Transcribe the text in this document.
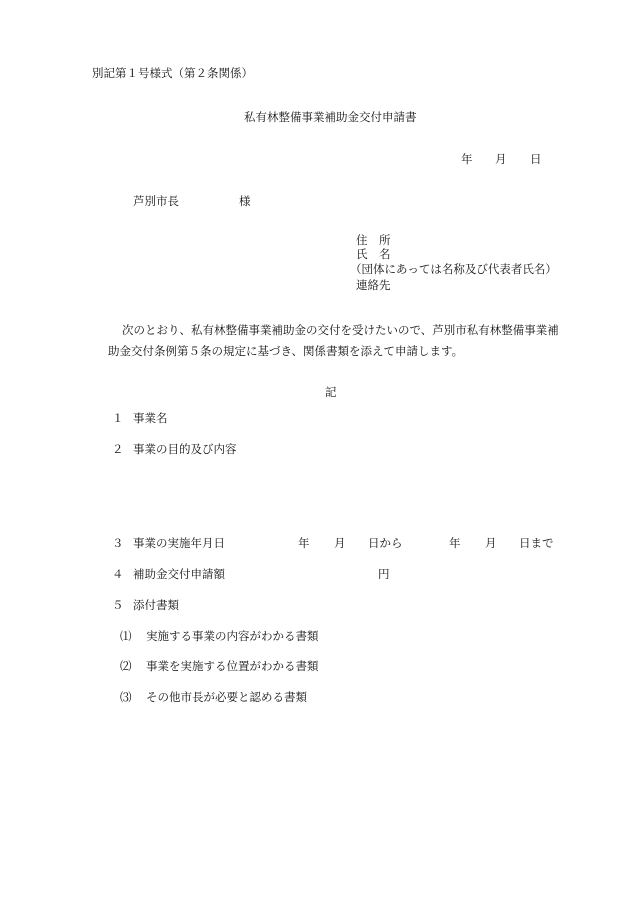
別記第１号様式（第２条関係）
私有林整備事業補助金交付申請書
年 月 日
芦別市長	様
住　所
氏　名
（団体にあっては名称及び代表者氏名）
連絡先
次のとおり、私有林整備事業補助金の交付を受けたいので、芦別市私有林整備事業補
助金交付条例第５条の規定に基づき、関係書類を添えて申請します。
記
１ 事業名
２ 事業の目的及び内容
３ 事業の実施年月日	年 月 日から	年 月 日まで
４ 補助金交付申請額	円
５ 添付書類
⑴ 実施する事業の内容がわかる書類
⑵ 事業を実施する位置がわかる書類
⑶ その他市長が必要と認める書類
